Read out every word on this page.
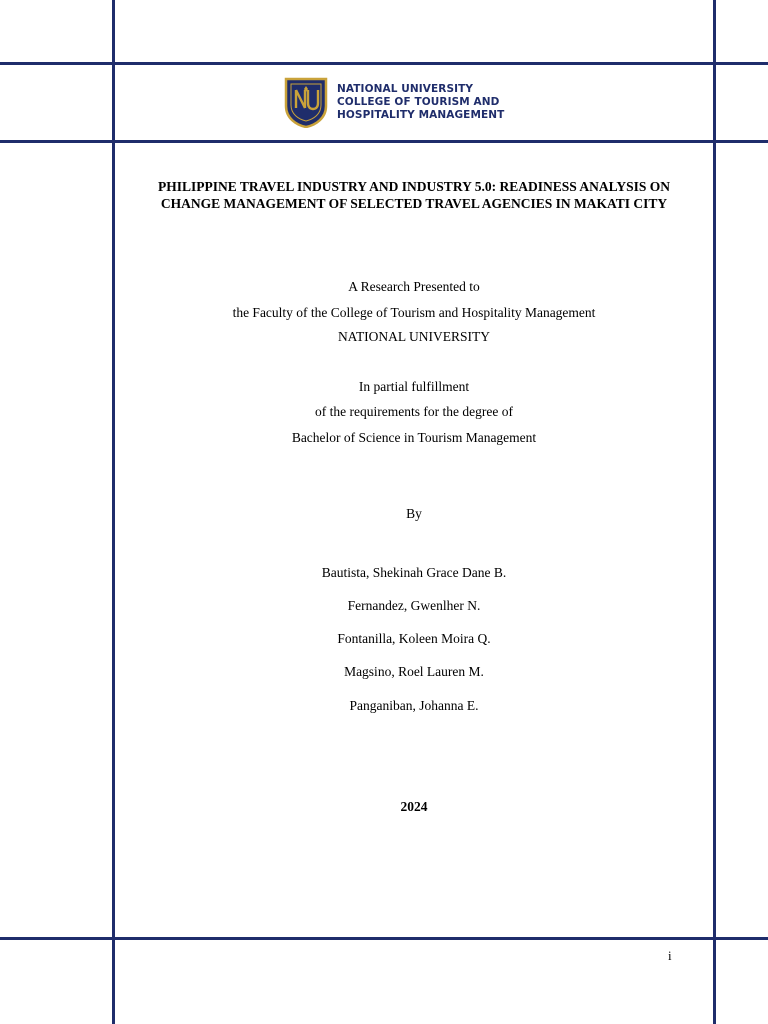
NATIONAL UNIVERSITY
COLLEGE OF TOURISM AND
HOSPITALITY MANAGEMENT
PHILIPPINE TRAVEL INDUSTRY AND INDUSTRY 5.0: READINESS ANALYSIS ON CHANGE MANAGEMENT OF SELECTED TRAVEL AGENCIES IN MAKATI CITY
A Research Presented to
the Faculty of the College of Tourism and Hospitality Management
NATIONAL UNIVERSITY
In partial fulfillment
of the requirements for the degree of
Bachelor of Science in Tourism Management
By
Bautista, Shekinah Grace Dane B.
Fernandez, Gwenlher N.
Fontanilla, Koleen Moira Q.
Magsino, Roel Lauren M.
Panganiban, Johanna E.
2024
i
